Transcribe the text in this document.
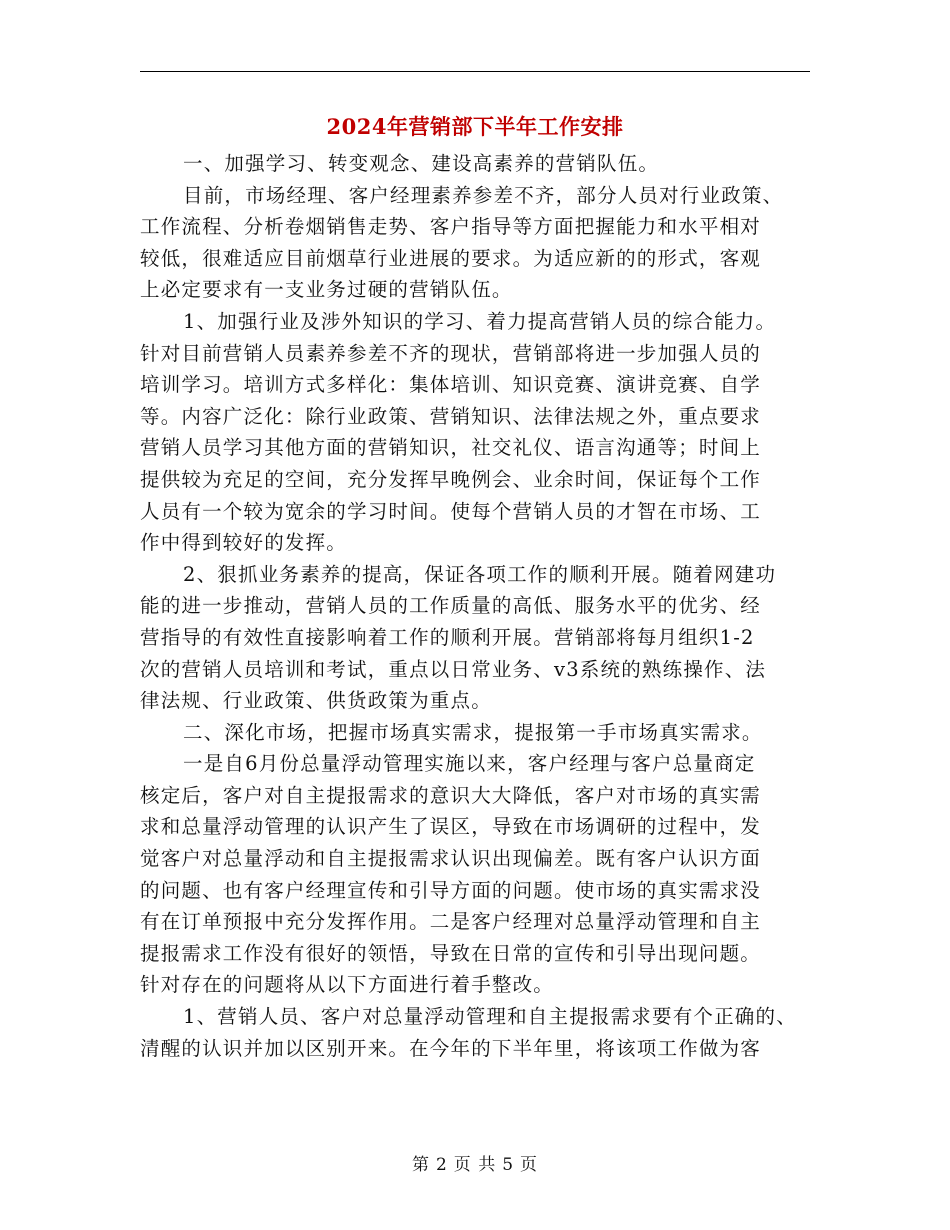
2024年营销部下半年工作安排
一、加强学习、转变观念、建设高素养的营销队伍。
目前，市场经理、客户经理素养参差不齐，部分人员对行业政策、
工作流程、分析卷烟销售走势、客户指导等方面把握能力和水平相对
较低，很难适应目前烟草行业进展的要求。为适应新的的形式，客观
上必定要求有一支业务过硬的营销队伍。
1、加强行业及涉外知识的学习、着力提高营销人员的综合能力。
针对目前营销人员素养参差不齐的现状，营销部将进一步加强人员的
培训学习。培训方式多样化：集体培训、知识竞赛、演讲竞赛、自学
等。内容广泛化：除行业政策、营销知识、法律法规之外，重点要求
营销人员学习其他方面的营销知识，社交礼仪、语言沟通等；时间上
提供较为充足的空间，充分发挥早晚例会、业余时间，保证每个工作
人员有一个较为宽余的学习时间。使每个营销人员的才智在市场、工
作中得到较好的发挥。
2、狠抓业务素养的提高，保证各项工作的顺利开展。随着网建功
能的进一步推动，营销人员的工作质量的高低、服务水平的优劣、经
营指导的有效性直接影响着工作的顺利开展。营销部将每月组织1-2
次的营销人员培训和考试，重点以日常业务、v3系统的熟练操作、法
律法规、行业政策、供货政策为重点。
二、深化市场，把握市场真实需求，提报第一手市场真实需求。
一是自6月份总量浮动管理实施以来，客户经理与客户总量商定
核定后，客户对自主提报需求的意识大大降低，客户对市场的真实需
求和总量浮动管理的认识产生了误区，导致在市场调研的过程中，发
觉客户对总量浮动和自主提报需求认识出现偏差。既有客户认识方面
的问题、也有客户经理宣传和引导方面的问题。使市场的真实需求没
有在订单预报中充分发挥作用。二是客户经理对总量浮动管理和自主
提报需求工作没有很好的领悟，导致在日常的宣传和引导出现问题。
针对存在的问题将从以下方面进行着手整改。
1、营销人员、客户对总量浮动管理和自主提报需求要有个正确的、
清醒的认识并加以区别开来。在今年的下半年里，将该项工作做为客
第 2 页 共 5 页
